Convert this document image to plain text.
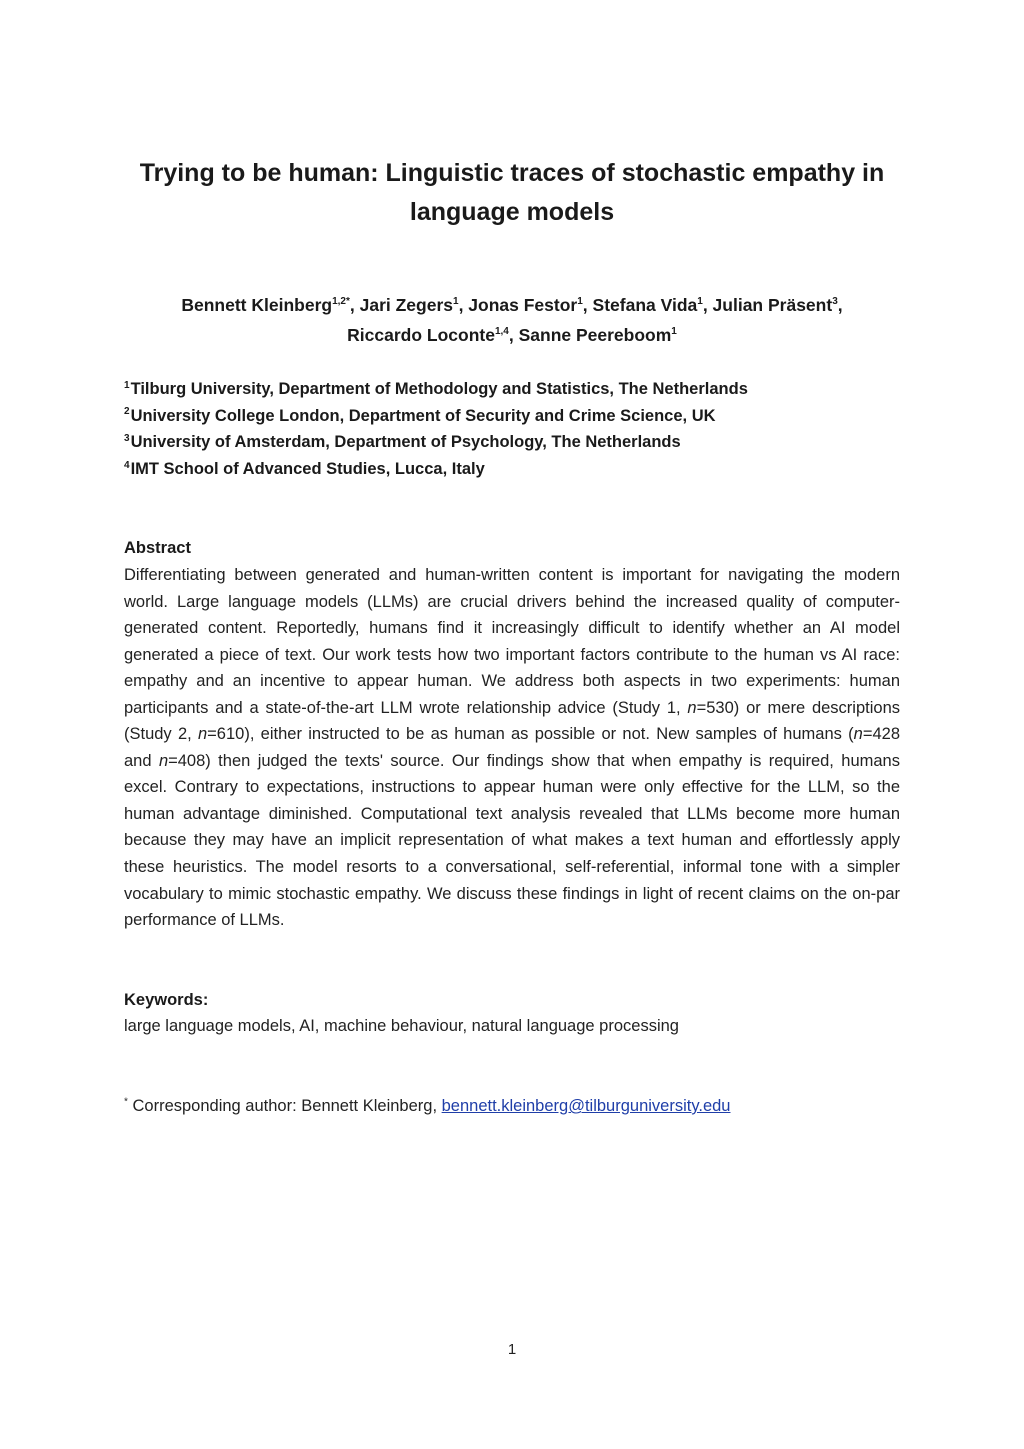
Trying to be human: Linguistic traces of stochastic empathy in language models

Bennett Kleinberg$^{1,2*}$, Jari Zegers$^1$, Jonas Festor$^1$, Stefana Vida$^1$, Julian Präsent$^3$,
Riccardo Loconte$^{1,4}$, Sanne Peereboom$^1$

$^1$Tilburg University, Department of Methodology and Statistics, The Netherlands
$^2$University College London, Department of Security and Crime Science, UK
$^3$University of Amsterdam, Department of Psychology, The Netherlands
$^4$IMT School of Advanced Studies, Lucca, Italy
Abstract

Differentiating between generated and human-written content is important for navigating the modern world. Large language models (LLMs) are crucial drivers behind the increased quality of computer-generated content. Reportedly, humans find it increasingly difficult to identify whether an AI model generated a piece of text. Our work tests how two important factors contribute to the human vs AI race: empathy and an incentive to appear human. We address both aspects in two experiments: human participants and a state-of-the-art LLM wrote relationship advice (Study 1, n=530) or mere descriptions (Study 2, n=610), either instructed to be as human as possible or not. New samples of humans (n=428 and n=408) then judged the texts' source. Our findings show that when empathy is required, humans excel. Contrary to expectations, instructions to appear human were only effective for the LLM, so the human advantage diminished. Computational text analysis revealed that LLMs become more human because they may have an implicit representation of what makes a text human and effortlessly apply these heuristics. The model resorts to a conversational, self-referential, informal tone with a simpler vocabulary to mimic stochastic empathy. We discuss these findings in light of recent claims on the on-par performance of LLMs.

Keywords:

large language models, AI, machine behaviour, natural language processing

* Corresponding author: Bennett Kleinberg, bennett.kleinberg@tilburguniversity.edu

1
